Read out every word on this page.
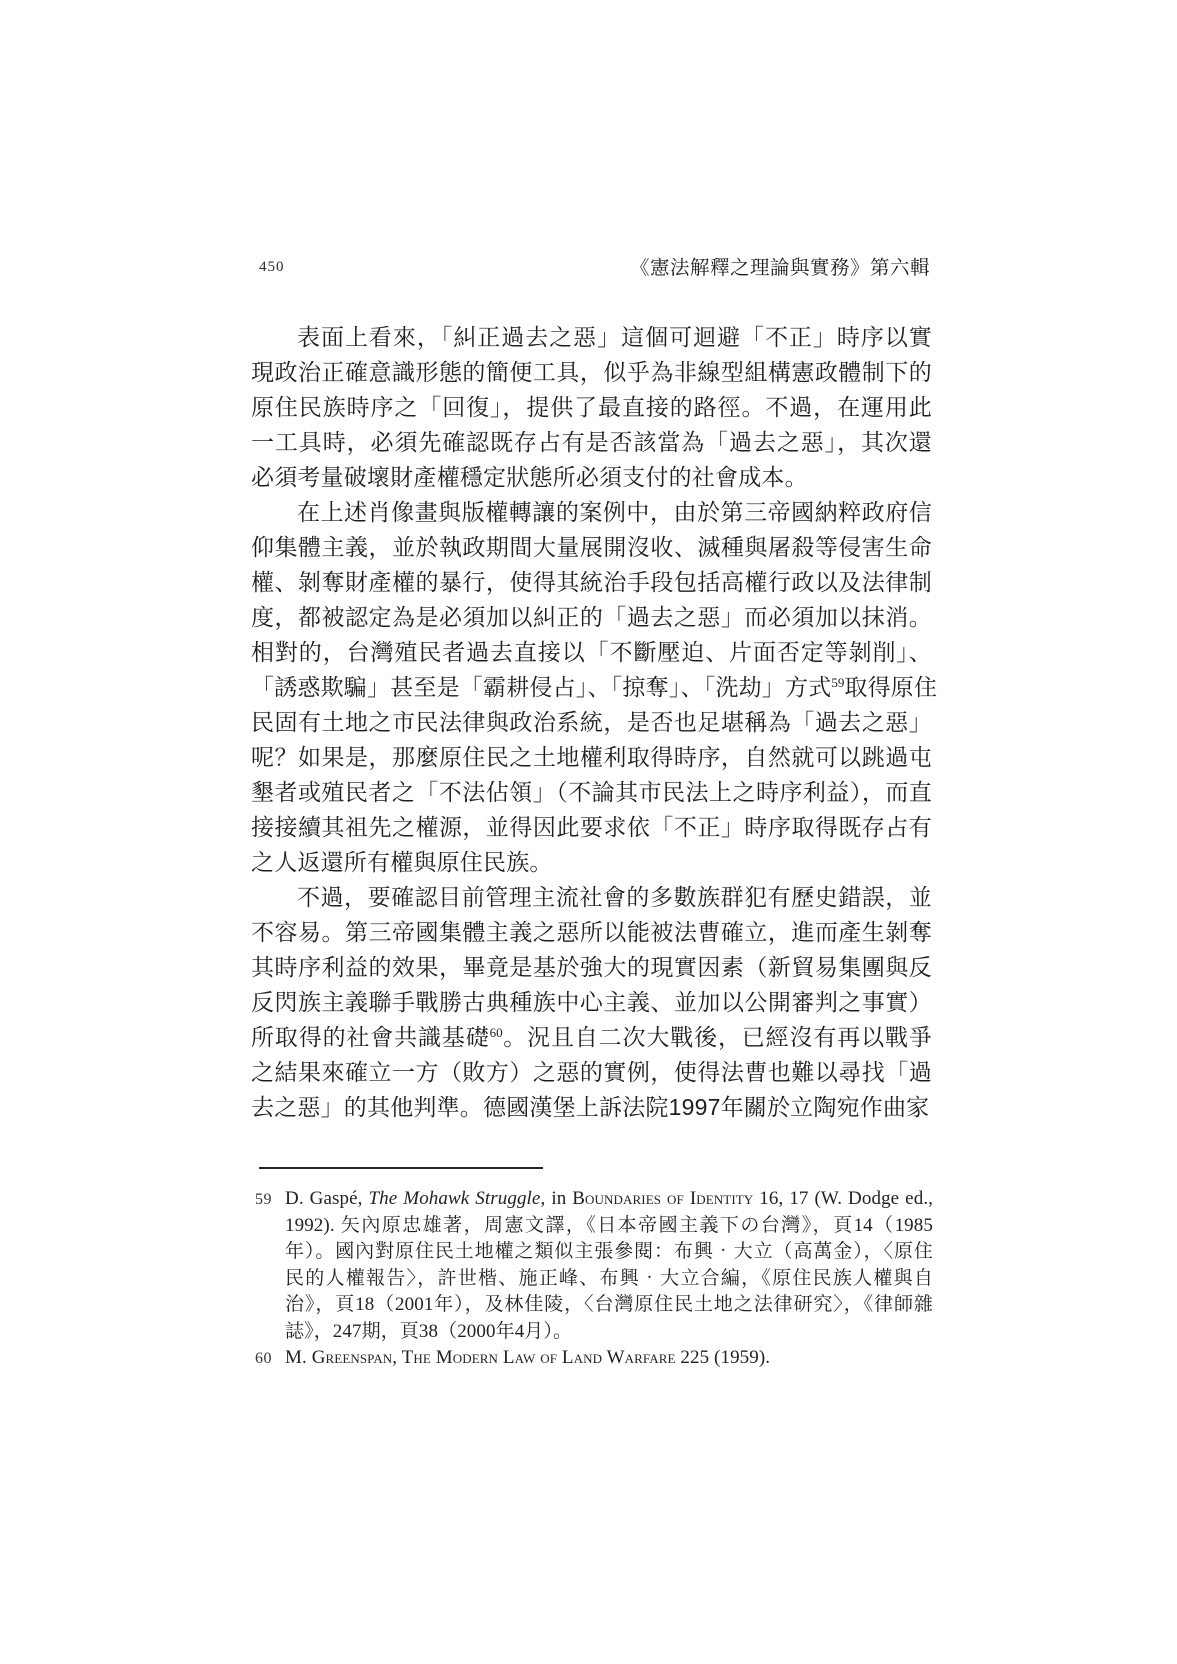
450	《憲法解釋之理論與實務》第六輯
表面上看來，「糾正過去之惡」這個可迴避「不正」時序以實
現政治正確意識形態的簡便工具，似乎為非線型組構憲政體制下的
原住民族時序之「回復」，提供了最直接的路徑。不過，在運用此
一工具時，必須先確認既存占有是否該當為「過去之惡」，其次還
必須考量破壞財產權穩定狀態所必須支付的社會成本。
在上述肖像畫與版權轉讓的案例中，由於第三帝國納粹政府信
仰集體主義，並於執政期間大量展開沒收、滅種與屠殺等侵害生命
權、剝奪財產權的暴行，使得其統治手段包括高權行政以及法律制
度，都被認定為是必須加以糾正的「過去之惡」而必須加以抹消。
相對的，台灣殖民者過去直接以「不斷壓迫、片面否定等剝削」、
「誘惑欺騙」甚至是「霸耕侵占」、「掠奪」、「洗劫」方式$^{59}$取得原住
民固有土地之市民法律與政治系統，是否也足堪稱為「過去之惡」
呢？如果是，那麼原住民之土地權利取得時序，自然就可以跳過屯
墾者或殖民者之「不法佔領」（不論其市民法上之時序利益），而直
接接續其祖先之權源，並得因此要求依「不正」時序取得既存占有
之人返還所有權與原住民族。
不過，要確認目前管理主流社會的多數族群犯有歷史錯誤，並
不容易。第三帝國集體主義之惡所以能被法曹確立，進而產生剝奪
其時序利益的效果，畢竟是基於強大的現實因素（新貿易集團與反
反閃族主義聯手戰勝古典種族中心主義、並加以公開審判之事實）
所取得的社會共識基礎$^{60}$。況且自二次大戰後，已經沒有再以戰爭
之結果來確立一方（敗方）之惡的實例，使得法曹也難以尋找「過
去之惡」的其他判準。德國漢堡上訴法院1997年關於立陶宛作曲家
59 D. Gaspé, The Mohawk Struggle, in Boundaries of Identity 16, 17 (W. Dodge ed.,
1992). 矢內原忠雄著，周憲文譯，《日本帝國主義下の台灣》，頁14（1985
年）。國內對原住民土地權之類似主張參閱：布興‧大立（高萬金），〈原住
民的人權報告〉，許世楷、施正峰、布興‧大立合編，《原住民族人權與自
治》，頁18（2001年），及林佳陵，〈台灣原住民土地之法律研究〉，《律師雜
誌》，247期，頁38（2000年4月）。
60 M. Greenspan, The Modern Law of Land Warfare 225 (1959).
